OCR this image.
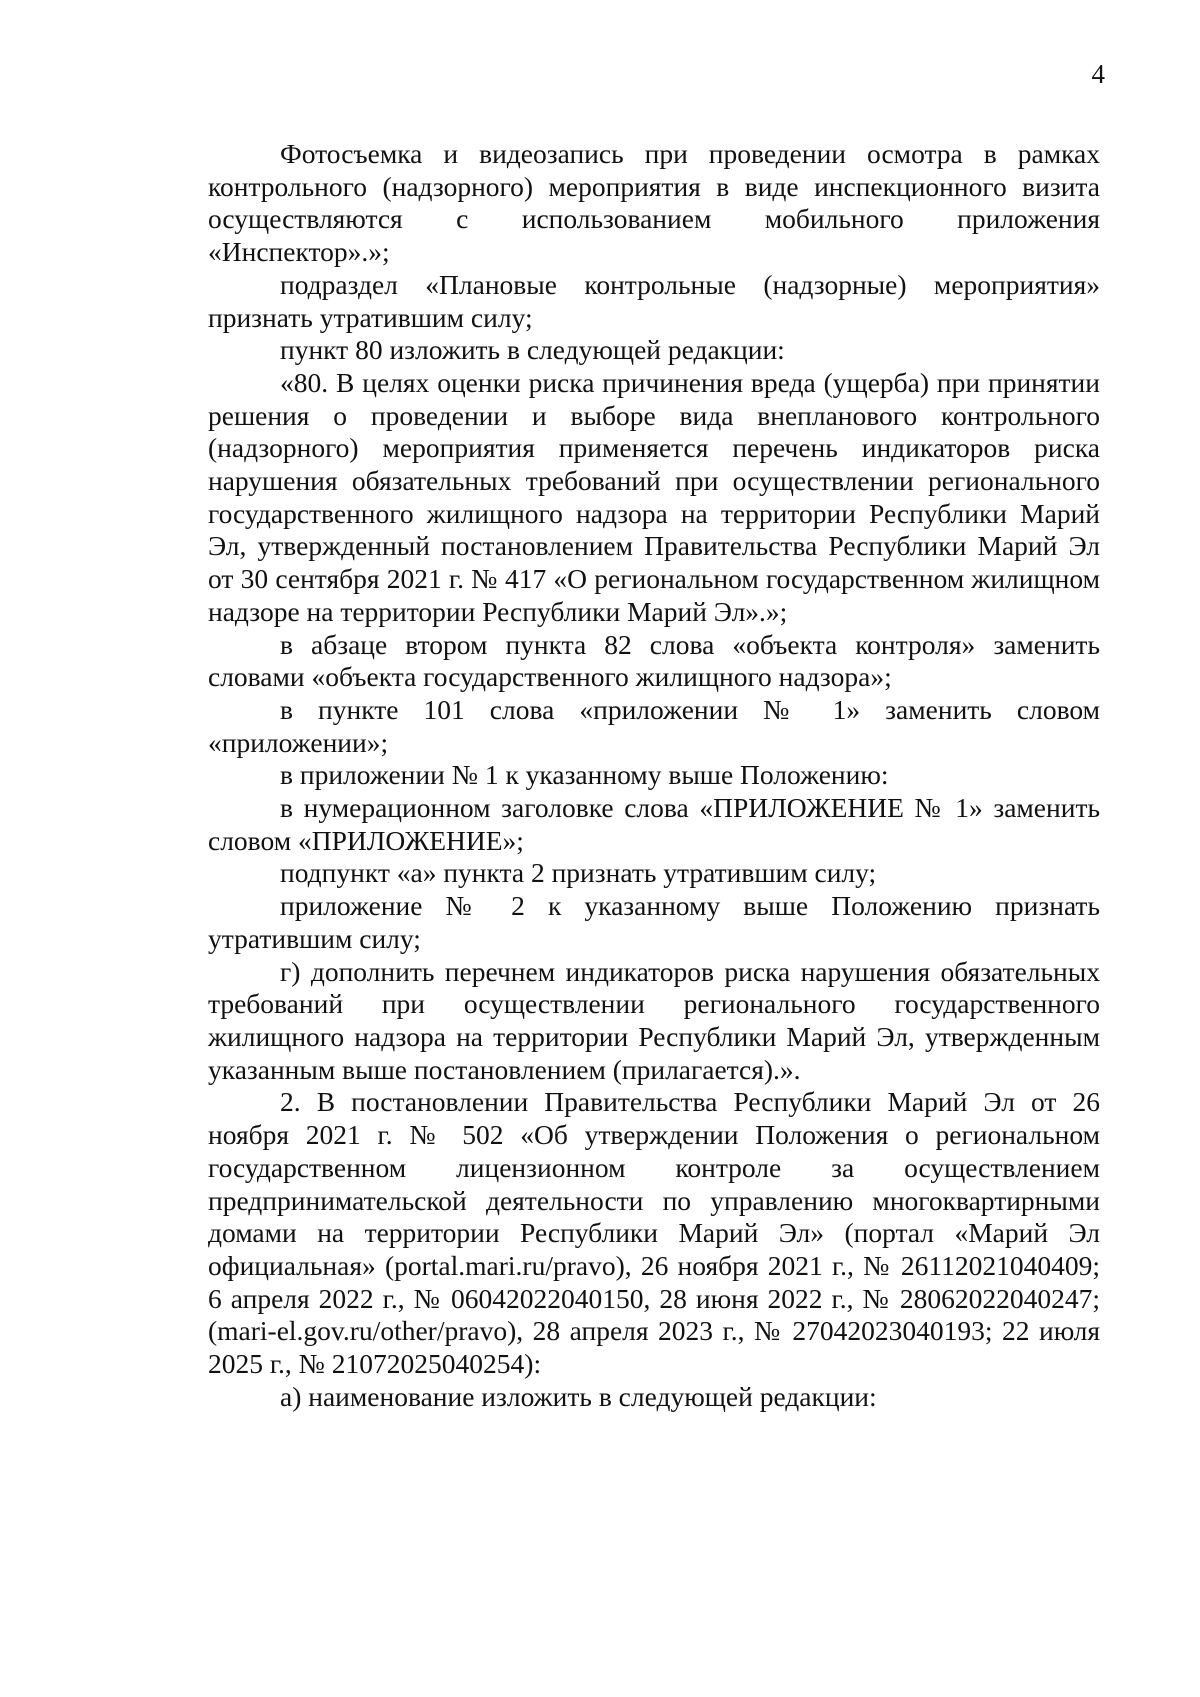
4

Фотосъемка и видеозапись при проведении осмотра в рамках контрольного (надзорного) мероприятия в виде инспекционного визита осуществляются с использованием мобильного приложения «Инспектор».»;

подраздел «Плановые контрольные (надзорные) мероприятия» признать утратившим силу;

пункт 80 изложить в следующей редакции:

«80. В целях оценки риска причинения вреда (ущерба) при принятии решения о проведении и выборе вида внепланового контрольного (надзорного) мероприятия применяется перечень индикаторов риска нарушения обязательных требований при осуществлении регионального государственного жилищного надзора на территории Республики Марий Эл, утвержденный постановлением Правительства Республики Марий Эл от 30 сентября 2021 г. № 417 «О региональном государственном жилищном надзоре на территории Республики Марий Эл».»;

в абзаце втором пункта 82 слова «объекта контроля» заменить словами «объекта государственного жилищного надзора»;

в пункте 101 слова «приложении № 1» заменить словом «приложении»;

в приложении № 1 к указанному выше Положению:

в нумерационном заголовке слова «ПРИЛОЖЕНИЕ № 1» заменить словом «ПРИЛОЖЕНИЕ»;

подпункт «а» пункта 2 признать утратившим силу;

приложение № 2 к указанному выше Положению признать утратившим силу;

г) дополнить перечнем индикаторов риска нарушения обязательных требований при осуществлении регионального государственного жилищного надзора на территории Республики Марий Эл, утвержденным указанным выше постановлением (прилагается).».

2. В постановлении Правительства Республики Марий Эл от 26 ноября 2021 г. № 502 «Об утверждении Положения о региональном государственном лицензионном контроле за осуществлением предпринимательской деятельности по управлению многоквартирными домами на территории Республики Марий Эл» (портал «Марий Эл официальная» (portal.mari.ru/pravo), 26 ноября 2021 г., № 26112021040409; 6 апреля 2022 г., № 06042022040150, 28 июня 2022 г., № 28062022040247; (mari-el.gov.ru/other/pravo), 28 апреля 2023 г., № 27042023040193; 22 июля 2025 г., № 21072025040254):

а) наименование изложить в следующей редакции:
